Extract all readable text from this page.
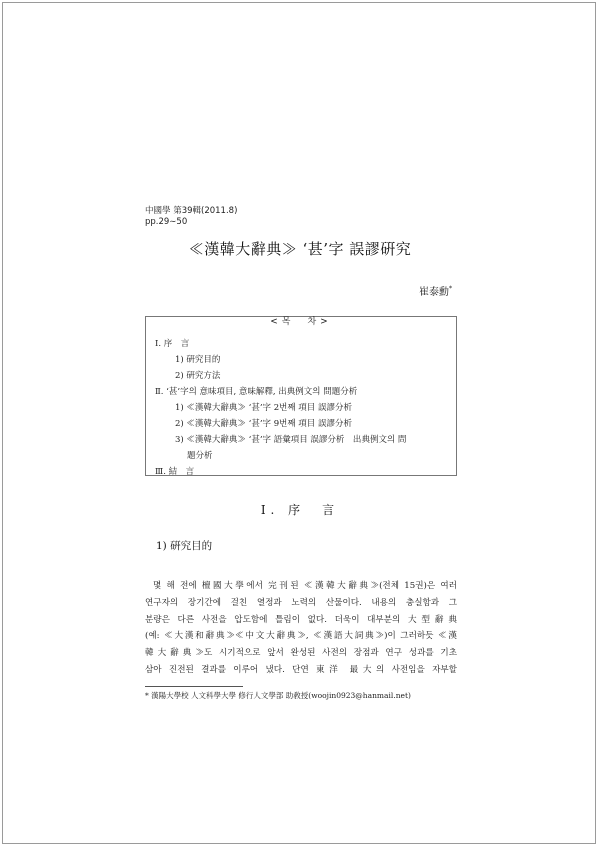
中國學 第39輯(2011.8)
pp.29∼50
≪漢韓大辭典≫ ‘甚’字 誤謬硏究
崔泰勳*
<목　차>
Ⅰ. 序　言
1) 硏究目的
2) 硏究方法
Ⅱ. ‘甚’字의 意味項目, 意味解釋, 出典例文의 問題分析
1) ≪漢韓大辭典≫ ‘甚’字 2번째 項目 誤謬分析
2) ≪漢韓大辭典≫ ‘甚’字 9번째 項目 誤謬分析
3) ≪漢韓大辭典≫ ‘甚’字 語彙項目 誤謬分析　出典例文의 問
題分析
Ⅲ. 結　言
Ⅰ. 序　言
1) 硏究目的
몇 해 전에 檀國大學에서 完刊된 ≪漢韓大辭典≫(전체 15권)은 여러
연구자의 장기간에 걸친 열정과 노력의 산물이다. 내용의 충실함과 그
분량은 다른 사전을 압도함에 틀림이 없다. 더욱이 대부분의 大型辭典
(예: ≪大漢和辭典≫≪中文大辭典≫, ≪漢語大詞典≫)이 그러하듯 ≪漢
韓大辭典≫도 시기적으로 앞서 완성된 사전의 장점과 연구 성과를 기초
삼아 진전된 결과를 이루어 냈다. 단연 東洋 最大의 사전임을 자부할
* 漢陽大學校 人文科學大學 修行人文學部 助敎授(woojin0923@hanmail.net)
